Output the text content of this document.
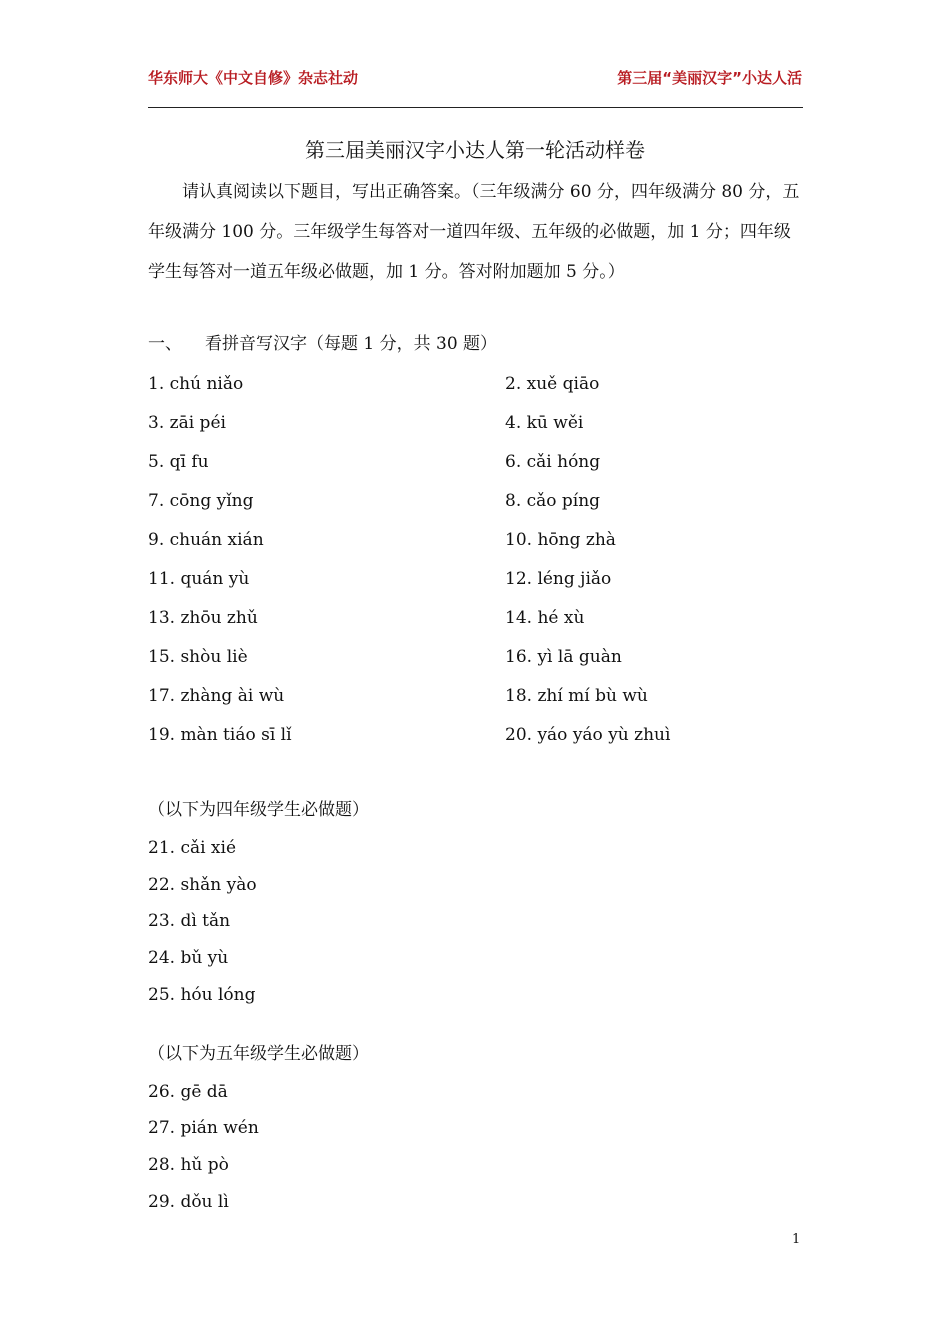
华东师大《中文自修》杂志社动	第三届“美丽汉字”小达人活
第三届美丽汉字小达人第一轮活动样卷

请认真阅读以下题目，写出正确答案。（三年级满分 60 分，四年级满分 80 分，五年级满分 100 分。三年级学生每答对一道四年级、五年级的必做题，加 1 分；四年级学生每答对一道五年级必做题，加 1 分。答对附加题加 5 分。）

一、 看拼音写汉字（每题 1 分，共 30 题）
1. chú niǎo
3. zāi péi
5. qī fu
7. cōng yǐng
9. chuán xián
11. quán yù
13. zhōu zhǔ
15. shòu liè
17. zhàng ài wù
19. màn tiáo sī lǐ
2. xuě qiāo
4. kū wěi
6. cǎi hóng
8. cǎo píng
10. hōng zhà
12. léng jiǎo
14. hé xù
16. yì lā guàn
18. zhí mí bù wù
20. yáo yáo yù zhuì
（以下为四年级学生必做题）
21. cǎi xié
22. shǎn yào
23. dì tǎn
24. bǔ yù
25. hóu lóng
（以下为五年级学生必做题）
26. gē dā
27. pián wén
28. hǔ pò
29. dǒu lì
1
